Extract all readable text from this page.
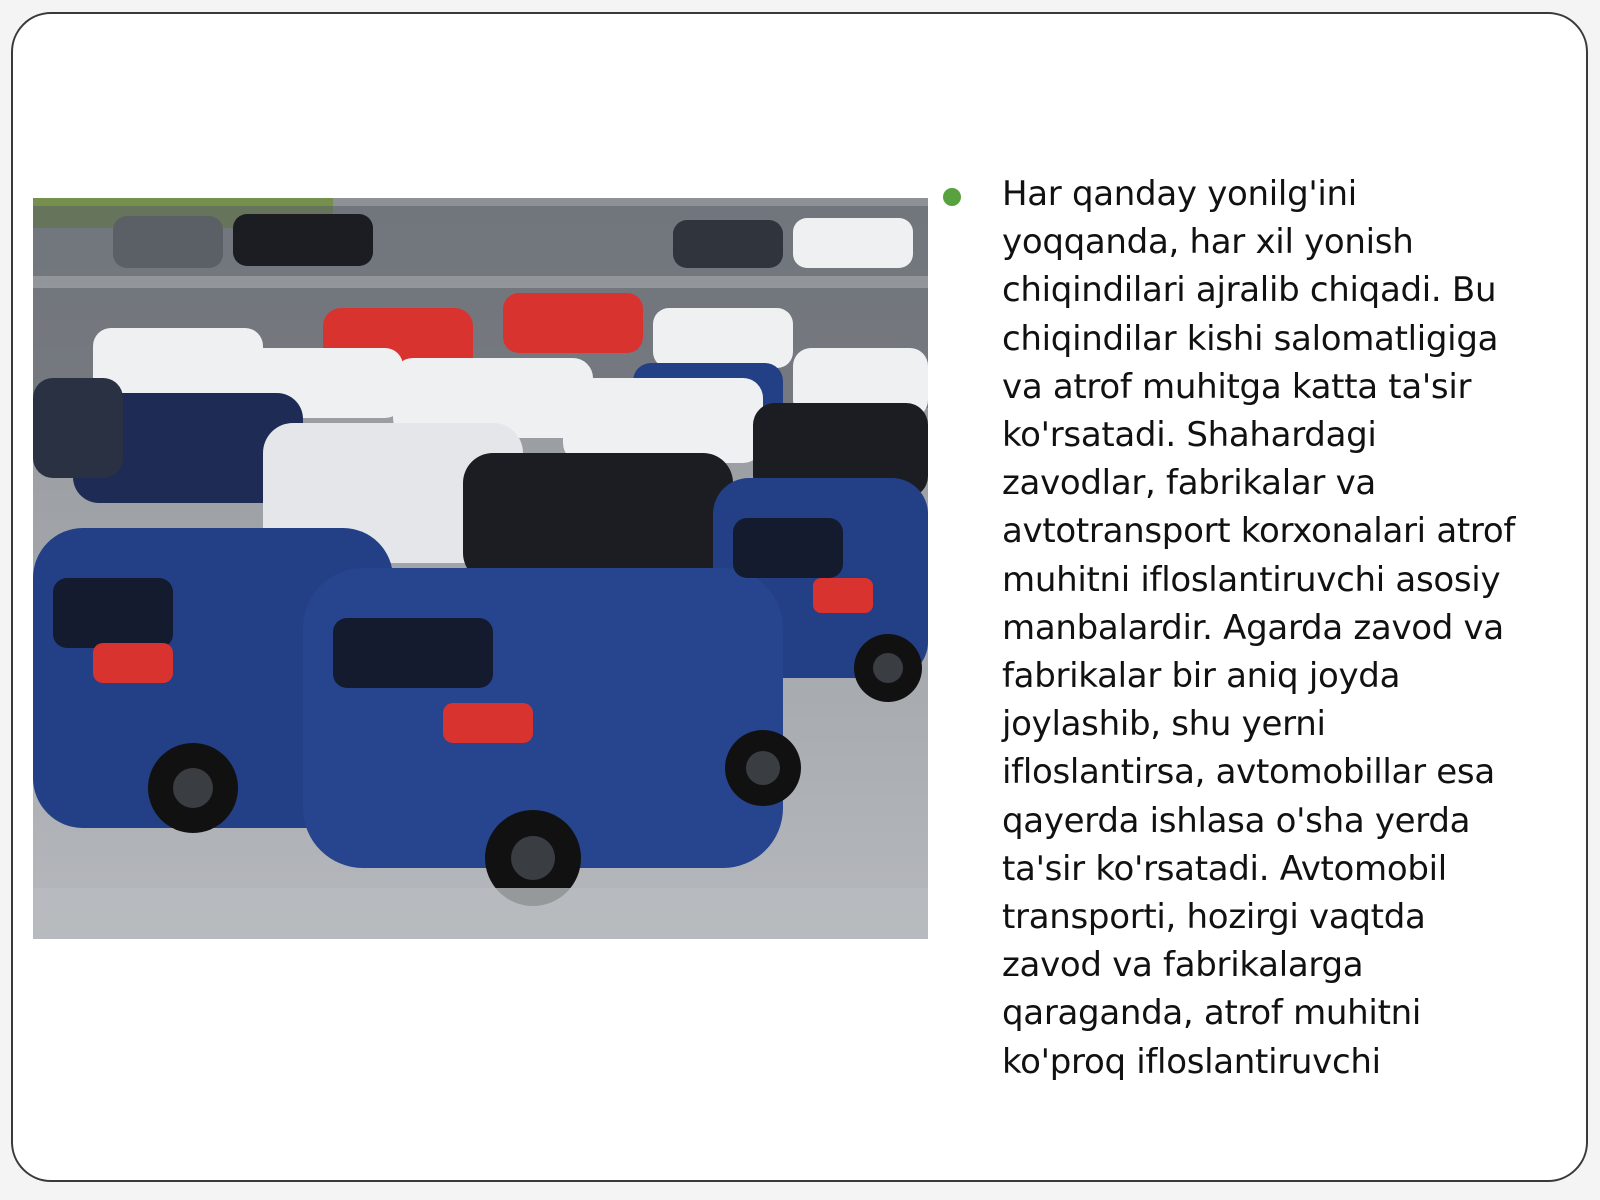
Har qanday yonilg'ini yoqqanda, har xil yonish chiqindilari ajralib chiqadi. Bu chiqindilar kishi salomatligiga va atrof muhitga katta ta'sir ko'rsatadi. Shahardagi zavodlar, fabrikalar va avtotransport korxonalari atrof muhitni ifloslantiruvchi asosiy manbalardir. Agarda zavod va fabrikalar bir aniq joyda joylashib, shu yerni ifloslantirsa, avtomobillar esa qayerda ishlasa o'sha yerda ta'sir ko'rsatadi. Avtomobil transporti, hozirgi vaqtda zavod va fabrikalarga qaraganda, atrof muhitni ko'proq ifloslantiruvchi
